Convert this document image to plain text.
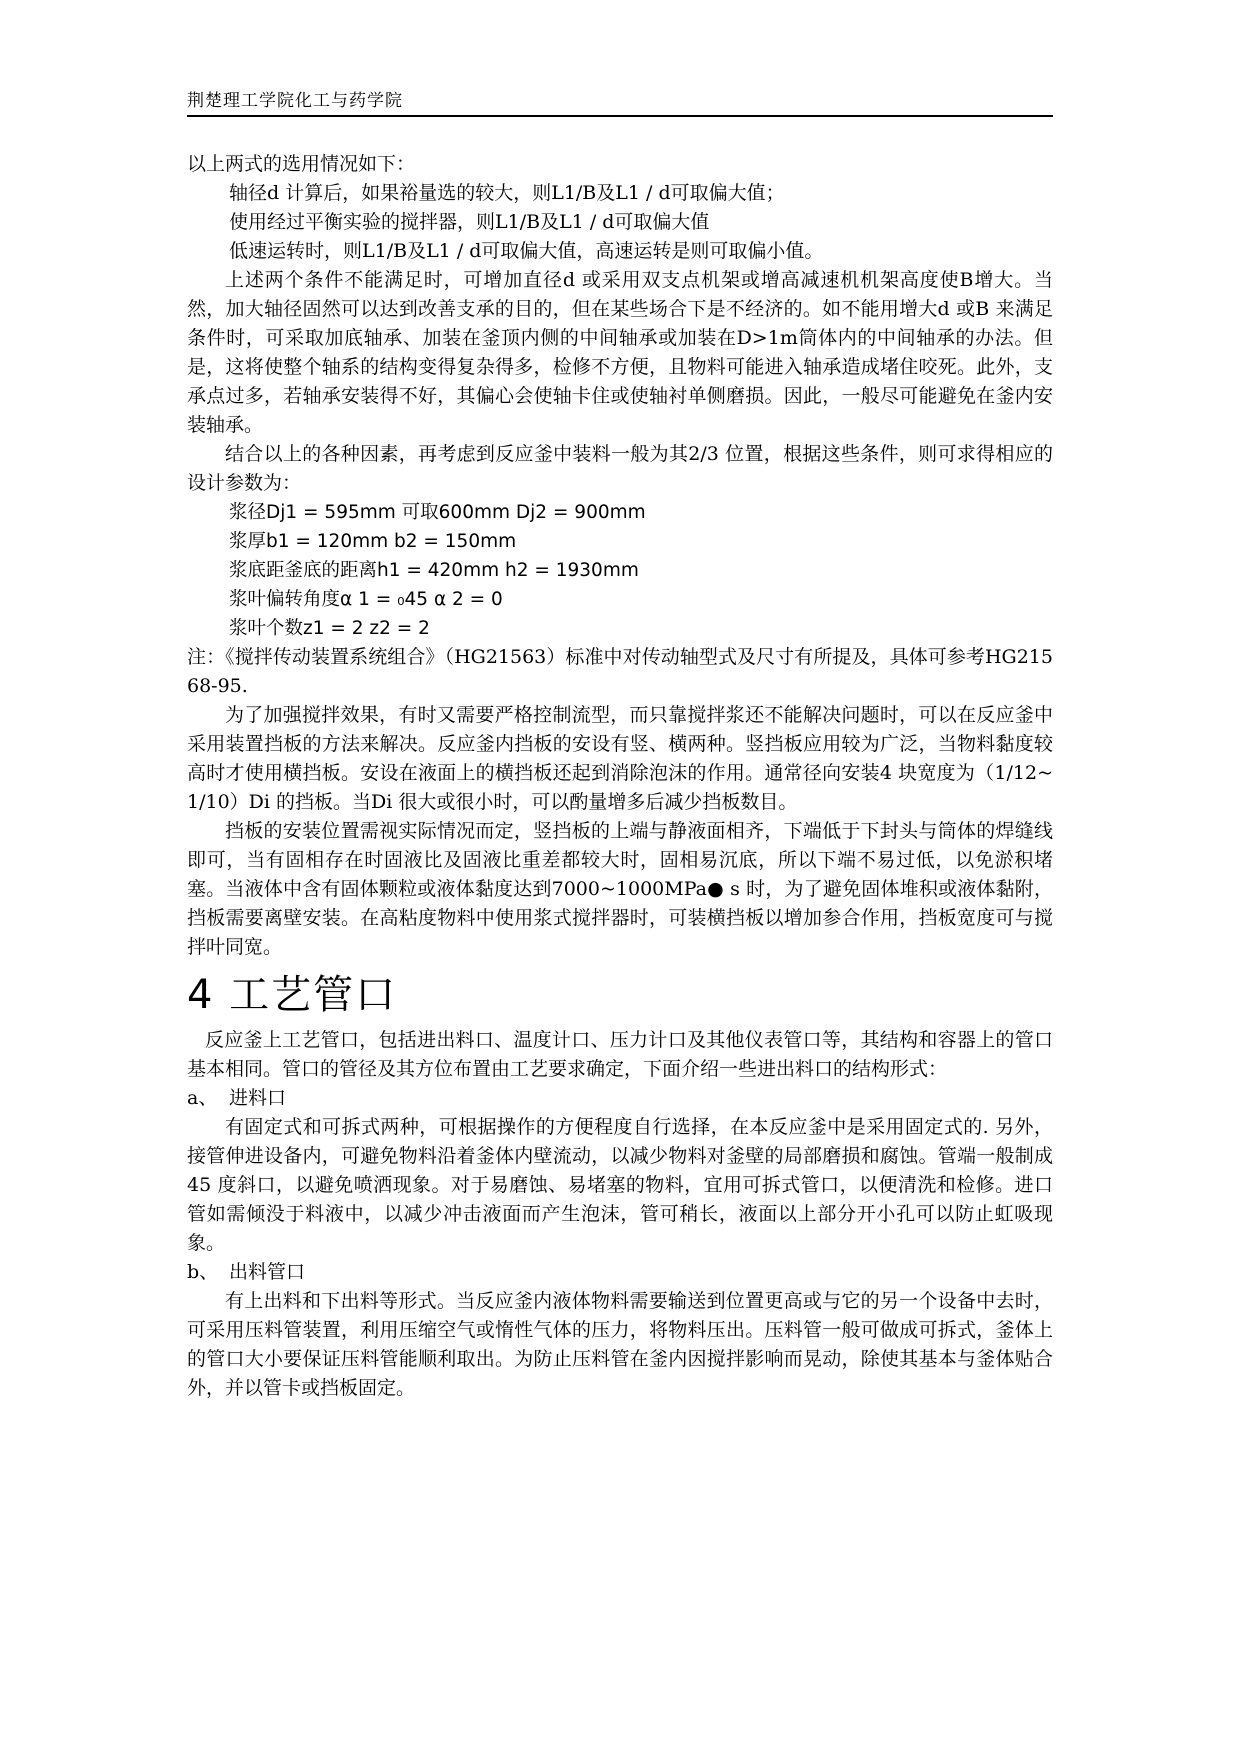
荆楚理工学院化工与药学院

以上两式的选用情况如下：

轴径d 计算后，如果裕量选的较大，则L1/B及L1 / d可取偏大值；

使用经过平衡实验的搅拌器，则L1/B及L1 / d可取偏大值

低速运转时，则L1/B及L1 / d可取偏大值，高速运转是则可取偏小值。

上述两个条件不能满足时，可增加直径d 或采用双支点机架或增高减速机机架高度使B增大。当然，加大轴径固然可以达到改善支承的目的，但在某些场合下是不经济的。如不能用增大d 或B 来满足条件时，可采取加底轴承、加装在釜顶内侧的中间轴承或加装在D>1m筒体内的中间轴承的办法。但是，这将使整个轴系的结构变得复杂得多，检修不方便，且物料可能进入轴承造成堵住咬死。此外，支承点过多，若轴承安装得不好，其偏心会使轴卡住或使轴衬单侧磨损。因此，一般尽可能避免在釜内安装轴承。

结合以上的各种因素，再考虑到反应釜中装料一般为其2/3 位置，根据这些条件，则可求得相应的设计参数为：

浆径Dj1 = 595mm 可取600mm Dj2 = 900mm

浆厚b1 = 120mm b2 = 150mm

浆底距釜底的距离h1 = 420mm h2 = 1930mm

浆叶偏转角度α 1 = ₀45 α 2 = 0

浆叶个数z1 = 2 z2 = 2

注：《搅拌传动装置系统组合》（HG21563）标准中对传动轴型式及尺寸有所提及，具体可参考HG21568-95.

为了加强搅拌效果，有时又需要严格控制流型，而只靠搅拌浆还不能解决问题时，可以在反应釜中采用装置挡板的方法来解决。反应釜内挡板的安设有竖、横两种。竖挡板应用较为广泛，当物料黏度较高时才使用横挡板。安设在液面上的横挡板还起到消除泡沫的作用。通常径向安装4 块宽度为（1/12~1/10）Di 的挡板。当Di 很大或很小时，可以酌量增多后减少挡板数目。

挡板的安装位置需视实际情况而定，竖挡板的上端与静液面相齐，下端低于下封头与筒体的焊缝线即可，当有固相存在时固液比及固液比重差都较大时，固相易沉底，所以下端不易过低，以免淤积堵塞。当液体中含有固体颗粒或液体黏度达到7000~1000MPa● s 时，为了避免固体堆积或液体黏附，挡板需要离壁安装。在高粘度物料中使用浆式搅拌器时，可装横挡板以增加参合作用，挡板宽度可与搅拌叶同宽。

4 工艺管口

反应釜上工艺管口，包括进出料口、温度计口、压力计口及其他仪表管口等，其结构和容器上的管口基本相同。管口的管径及其方位布置由工艺要求确定，下面介绍一些进出料口的结构形式：

a、 进料口

有固定式和可拆式两种，可根据操作的方便程度自行选择，在本反应釜中是采用固定式的. 另外，接管伸进设备内，可避免物料沿着釜体内壁流动，以减少物料对釜壁的局部磨损和腐蚀。管端一般制成45 度斜口，以避免喷洒现象。对于易磨蚀、易堵塞的物料，宜用可拆式管口，以便清洗和检修。进口管如需倾没于料液中，以减少冲击液面而产生泡沫，管可稍长，液面以上部分开小孔可以防止虹吸现象。

b、 出料管口

有上出料和下出料等形式。当反应釜内液体物料需要输送到位置更高或与它的另一个设备中去时，可采用压料管装置，利用压缩空气或惰性气体的压力，将物料压出。压料管一般可做成可拆式，釜体上的管口大小要保证压料管能顺利取出。为防止压料管在釜内因搅拌影响而晃动，除使其基本与釜体贴合外，并以管卡或挡板固定。
